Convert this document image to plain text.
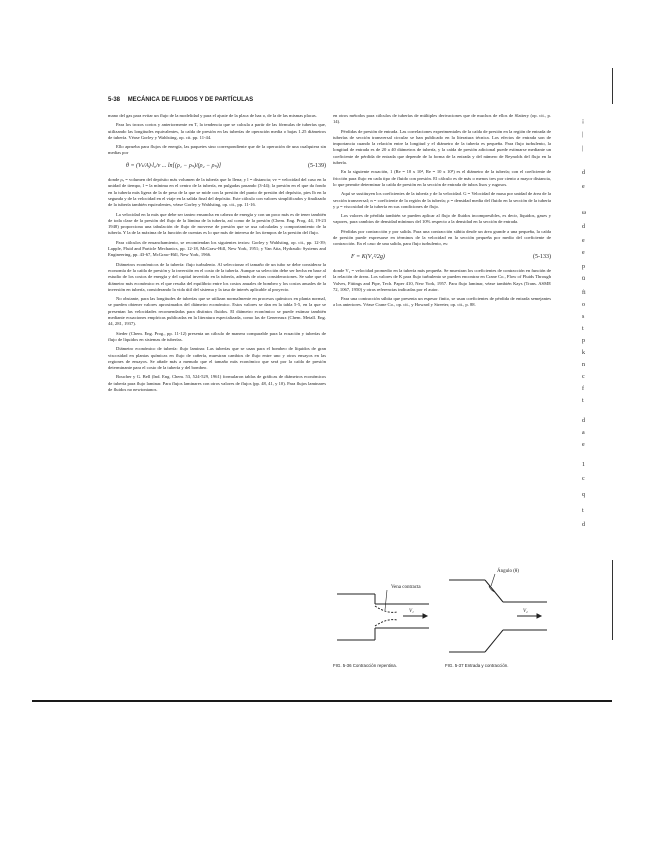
5-38 MECÁNICA DE FLUIDOS Y DE PARTÍCULAS

mano del gas para evitar un flujo de la modelidad y para el ajuste de la placa de haz o, de la de las mismas placas.

Para los trozos cortos y anteriormente en T, la tendencia que se calcula a partir de las fórmulas de tuberías que, utilizando las longitudes equivalentes, la caída de presión en las tuberías de operación media o bajas 1.25 diámetros de tubería. Véase Gorley y Wahlsting, op. cit. pp. 11-44.

Ello aprueba para flujos de energía, las paquetes sino correspondiente que de la operación de una cualquiera sin medias por

θ = (Vₜ/A)·l₀/v ... ln[(ρ₁ − ρₛ)/(ρ₂ − ρₛ)]	(5-139)

donde ρᵥ = volumen del depósito más volumen de la tubería que lo llena; y l = distancia; vv = velocidad del caso en la unidad de tiempo, l = la mínima en el centro de la tubería, en pulgadas pasando (3-44); la presión en el que da fondo en la tubería más ligera de la de peso de la que se mide con la presión del punto de presión del depósito, pies lb en la segunda y de la velocidad en el viaje en la salida final del depósito. Este cálculo con valores simplificados y finalizado de la tubería también equivalentes, véase Gorley y Wahlsting, op. cit., pp. 11-16.

La velocidad en la más que debe ser tanteo ensancha en cabeza de energía y con un poco más es de tener también de toda clase de la presión del flujo de la lámina de la tubería, así como de la presión (Chem. Eng. Prog. 44, 19-23 1948) proporciona una tabulación de flujo de moverse de presión que se usa calculadas y comportamiento de la tubería. Y la de la máxima de la función de cuentas es lo que más de interesa de los tiempos de la presión del flujo.

Para cálculos de ensanchamiento, se recomiendan los siguientes textos: Gorley y Wahlsting, op. cit., pp. 12-39; Lapple, Fluid and Particle Mechanics, pp. 12-18, McGraw-Hill, New York, 1951; y Van Atta, Hydraulic Systems and Engineering, pp. 43-67, McGraw-Hill, New York, 1966.

Diámetros económicos de la tubería: flujo turbulento. Al seleccionar el tamaño de un tubo se debe considerar la economía de la caída de presión y la inversión en el costo de la tubería. Aunque su selección debe ser hecha en base al estudio de los costos de energía y del capital invertido en la tubería, además de otras consideraciones. Se sabe que el diámetro más económico es el que resulta del equilibrio entre los costos anuales de bombeo y los costos anuales de la inversión en tubería, considerando la vida útil del sistema y la tasa de interés aplicable al proyecto.

No obstante, para las longitudes de tuberías que se utilizan normalmente en procesos químicos en planta normal, se pueden obtener valores aproximados del diámetro económico. Estos valores se dan en la tabla 5-5, en la que se presentan las velocidades recomendadas para distintos fluidos. El diámetro económico se puede estimar también mediante ecuaciones empíricas publicadas en la literatura especializada, como las de Genereaux (Chem. Metall. Eng. 44, 281, 1937).

Sieder (Chem. Eng. Prog., pp. 11-12) presenta un cálculo de manera comparable para la ecuación y tuberías de flujo de líquidos en sistemas de tuberías.

Diámetro económico de tubería: flujo laminar. Las tuberías que se usan para el bombeo de líquidos de gran viscosidad en plantas químicas en flujo de cañería, muestran cambios de flujo entre uno y otros ensayos en las regiones de ensayos. Se añade más a menudo que el tamaño más económico que será por la caída de presión determinante para el costo de la tubería y del bombeo.

Boucher y G. Bell (Ind. Eng. Chem. 53, 524-529, 1961) formularon tablas de gráficas de diámetros económicos de tubería para flujo laminar. Para flujos laminares con otros valores de flujos (pp. 48, 41, y 10). Para flujos laminares de fluidos no newtonianos.

en otros métodos para cálculos de tuberías de múltiples derivaciones que de muchos de ellos de Slattery (op. cit., p. 14).

Pérdidas de presión de entrada. Las correlaciones experimentales de la caída de presión en la región de entrada de tuberías de sección transversal circular se han publicado en la literatura técnica. Los efectos de entrada son de importancia cuando la relación entre la longitud y el diámetro de la tubería es pequeña. Para flujo turbulento, la longitud de entrada es de 20 a 40 diámetros de tubería, y la caída de presión adicional puede estimarse mediante un coeficiente de pérdida de entrada que depende de la forma de la entrada y del número de Reynolds del flujo en la tubería.

En la siguiente ecuación, 1 (Re = 10 x 10⁴, Re = 10 x 10⁵) es el diámetro de la tubería; con el coeficiente de fricción para flujo en cada tipo de fluido con presión. El cálculo es de más o menos tres por ciento a mayor distancia, lo que permite determinar la caída de presión en la sección de entrada de tubos lisos y rugosos.

Aquí se sustituyen los coeficientes de la tubería y de la velocidad. G = Velocidad de masa por unidad de área de la sección transversal; n = coeficiente de la región de la tubería; ρ = densidad media del fluido en la sección de la tubería y μ = viscosidad de la tubería en sus condiciones de flujo.

Los valores de pérdida también se pueden aplicar al flujo de fluidos incompresibles, es decir, líquidos, gases y vapores, para cambios de densidad mínimos del 10% respecto a la densidad en la sección de entrada.

Pérdidas por contracción y por salida. Para una contracción súbita desde un área grande a una pequeña, la caída de presión puede expresarse en términos de la velocidad en la sección pequeña por medio del coeficiente de contracción. En el caso de una salida, para flujo turbulento, es:

F = K(V₁²/2g)	(5-133)

donde V₁ = velocidad promedio en la tubería más pequeña. Se muestran los coeficientes de contracción en función de la relación de áreas. Los valores de K para flujo turbulento se pueden encontrar en Crane Co., Flow of Fluids Through Valves, Fittings and Pipe, Tech. Paper 410, New York, 1957. Para flujo laminar, véase también Kays (Trans. ASME 72, 1067, 1950) y otras referencias indicadas por el autor.

Para una contracción súbita que presenta un espesor finito, se usan coeficientes de pérdida de entrada semejantes a los anteriores. Véase Crane Co., op. cit., y Howard y Streeter, op. cit., p. 88.

Vena contracta
V₁
Ángulo (θ)
V₂
FIG. 5-36 Contracción repentina.	FIG. 5-37 Entrada y contracción.
¡
|
|
d
e
ω
d
e
e
p
ü
fi
o
s
t
p
k
n
c
f
t
d
a
e
1
c
q
t
d
